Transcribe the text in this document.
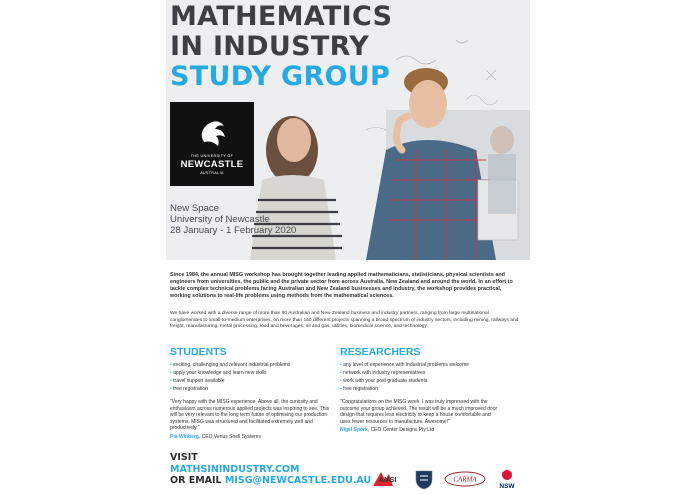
MATHEMATICS
IN INDUSTRY
STUDY GROUP
THE UNIVERSITY OF
NEWCASTLE
AUSTRALIA
New Space
University of Newcastle
28 January - 1 February 2020
Since 1984, the annual MISG workshop has brought together leading applied mathematicians, statisticians, physical scientists and engineers from universities, the public and the private sector from across Australia, New Zealand and around the world. In an effort to tackle complex technical problems facing Australian and New Zealand businesses and industry, the workshop provides practical, working solutions to real-life problems using methods from the mathematical sciences.
We have worked with a diverse range of more than 90 Australian and New Zealand business and industry partners, ranging from large multinational conglomerates to small-to-medium enterprises, on more than 160 different projects spanning a broad spectrum of industry sectors, including mining, railways and freight, manufacturing, metal processing, food and beverages, oil and gas, utilities, biomedical science, and technology.
STUDENTS
• exciting, challenging and relevant industrial problems
• apply your knowledge and learn new skills
• travel support available
• free registration
"Very happy with the MISG experience. Above all, the curiosity and enthusiasm across numerous applied projects was inspiring to see. This will be very relevant to the long term future of optimising our production systems. MISG was structured and facilitated extremely well and productively."
Pia Winberg, CEO Venus Shell Systems
RESEARCHERS
• any level of experience with industrial problems welcome
• network with industry representatives
• work with your post graduate students
• free registration
"Congratulations on the MISG week. I was truly impressed with the outcome your group achieved. The result will be a much improved door design that requires less electricity to keep a house comfortable and uses fewer resources to manufacture. Awesome!"
Nigel Spork, CEO Center Designs Pty Ltd
VISIT
MATHSININDUSTRY.COM
OR EMAIL MISG@NEWCASTLE.EDU.AU AMSI	CARMA
NSW
